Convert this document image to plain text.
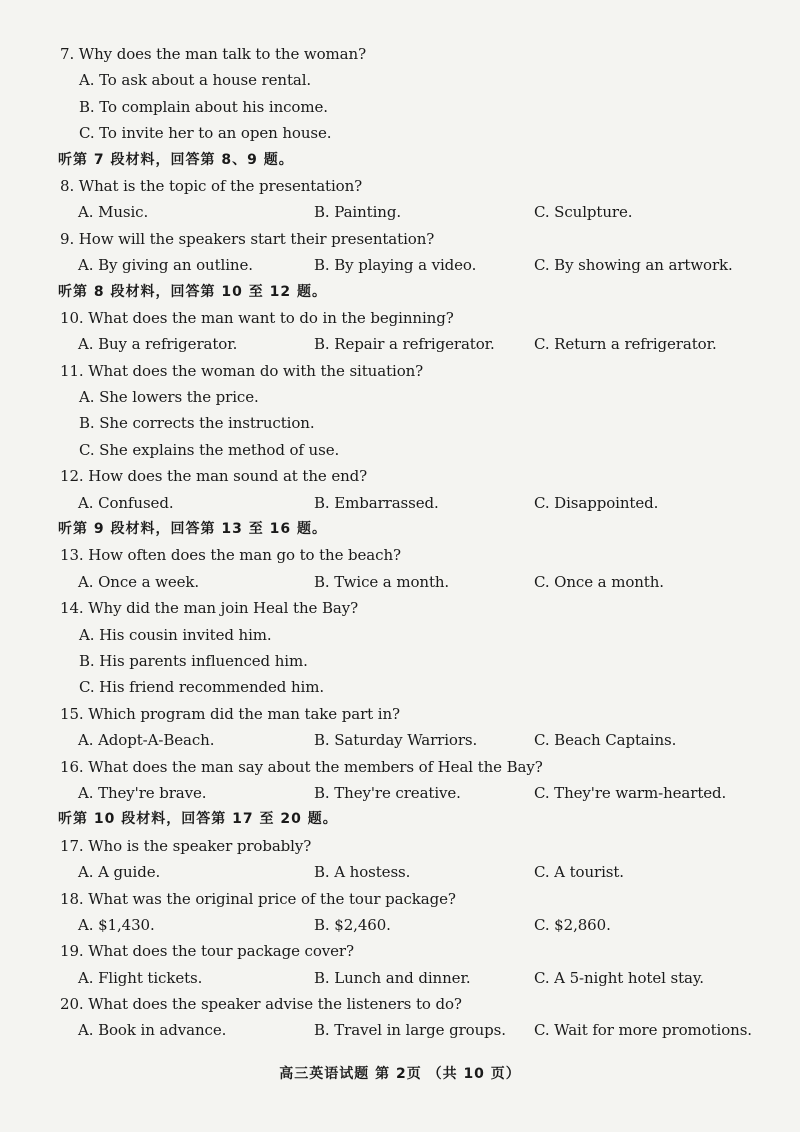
7. Why does the man talk to the woman?
A. To ask about a house rental.
B. To complain about his income.
C. To invite her to an open house.
听第 7 段材料，回答第 8、9 题。
8. What is the topic of the presentation?
A. Music.	B. Painting.	C. Sculpture.
9. How will the speakers start their presentation?
A. By giving an outline.	B. By playing a video.	C. By showing an artwork.
听第 8 段材料，回答第 10 至 12 题。
10. What does the man want to do in the beginning?
A. Buy a refrigerator.	B. Repair a refrigerator.	C. Return a refrigerator.
11. What does the woman do with the situation?
A. She lowers the price.
B. She corrects the instruction.
C. She explains the method of use.
12. How does the man sound at the end?
A. Confused.	B. Embarrassed.	C. Disappointed.
听第 9 段材料，回答第 13 至 16 题。
13. How often does the man go to the beach?
A. Once a week.	B. Twice a month.	C. Once a month.
14. Why did the man join Heal the Bay?
A. His cousin invited him.
B. His parents influenced him.
C. His friend recommended him.
15. Which program did the man take part in?
A. Adopt-A-Beach.	B. Saturday Warriors.	C. Beach Captains.
16. What does the man say about the members of Heal the Bay?
A. They're brave.	B. They're creative.	C. They're warm-hearted.
听第 10 段材料，回答第 17 至 20 题。
17. Who is the speaker probably?
A. A guide.	B. A hostess.	C. A tourist.
18. What was the original price of the tour package?
A. $1,430.	B. $2,460.	C. $2,860.
19. What does the tour package cover?
A. Flight tickets.	B. Lunch and dinner.	C. A 5-night hotel stay.
20. What does the speaker advise the listeners to do?
A. Book in advance.	B. Travel in large groups. C. Wait for more promotions.
高三英语试题 第 2页 （共 10 页）
